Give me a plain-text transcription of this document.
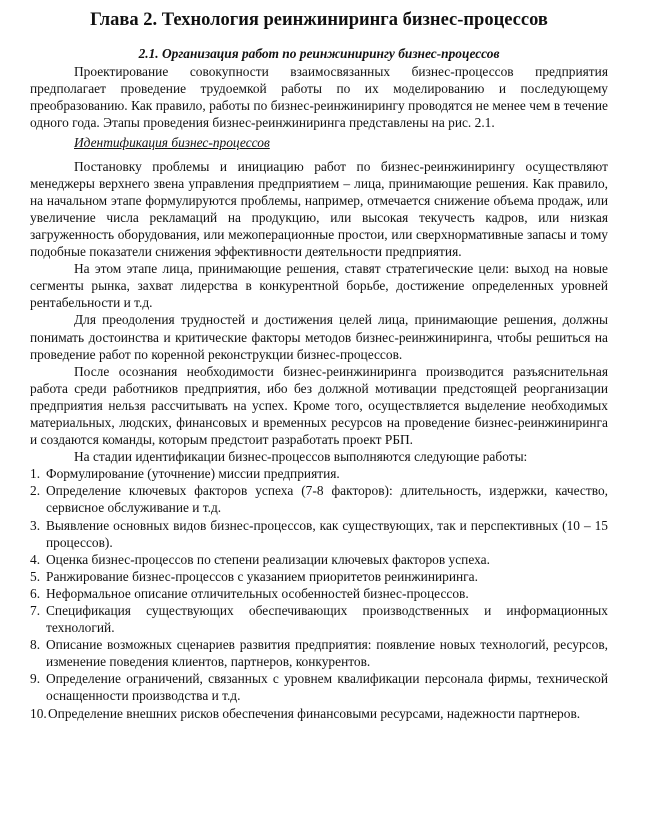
Глава 2. Технология реинжиниринга бизнес-процессов
2.1. Организация работ по реинжинирингу бизнес-процессов

Проектирование совокупности взаимосвязанных бизнес-процессов предприятия предполагает проведение трудоемкой работы по их моделированию и последующему преобразованию. Как правило, работы по бизнес-реинжинирингу проводятся не менее чем в течение одного года. Этапы проведения бизнес-реинжиниринга представлены на рис. 2.1.

Идентификация бизнес-процессов

Постановку проблемы и инициацию работ по бизнес-реинжинирингу осуществляют менеджеры верхнего звена управления предприятием – лица, принимающие решения. Как правило, на начальном этапе формулируются проблемы, например, отмечается снижение объема продаж, или увеличение числа рекламаций на продукцию, или высокая текучесть кадров, или низкая загруженность оборудования, или межоперационные простои, или сверхнормативные запасы и тому подобные показатели снижения эффективности деятельности предприятия.

На этом этапе лица, принимающие решения, ставят стратегические цели: выход на новые сегменты рынка, захват лидерства в конкурентной борьбе, достижение определенных уровней рентабельности и т.д.

Для преодоления трудностей и достижения целей лица, принимающие решения, должны понимать достоинства и критические факторы методов бизнес-реинжиниринга, чтобы решиться на проведение работ по коренной реконструкции бизнес-процессов.

После осознания необходимости бизнес-реинжиниринга производится разъяснительная работа среди работников предприятия, ибо без должной мотивации предстоящей реорганизации предприятия нельзя рассчитывать на успех. Кроме того, осуществляется выделение необходимых материальных, людских, финансовых и временных ресурсов на проведение бизнес-реинжиниринга и создаются команды, которым предстоит разработать проект РБП.

На стадии идентификации бизнес-процессов выполняются следующие работы:

1. Формулирование (уточнение) миссии предприятия.
2. Определение ключевых факторов успеха (7-8 факторов): длительность, издержки, качество, сервисное обслуживание и т.д.
3. Выявление основных видов бизнес-процессов, как существующих, так и перспективных (10 – 15 процессов).
4. Оценка бизнес-процессов по степени реализации ключевых факторов успеха.
5. Ранжирование бизнес-процессов с указанием приоритетов реинжиниринга.
6. Неформальное описание отличительных особенностей бизнес-процессов.
7. Спецификация существующих обеспечивающих производственных и информационных технологий.
8. Описание возможных сценариев развития предприятия: появление новых технологий, ресурсов, изменение поведения клиентов, партнеров, конкурентов.
9. Определение ограничений, связанных с уровнем квалификации персонала фирмы, технической оснащенности производства и т.д.
10. Определение внешних рисков обеспечения финансовыми ресурсами, надежности партнеров.
